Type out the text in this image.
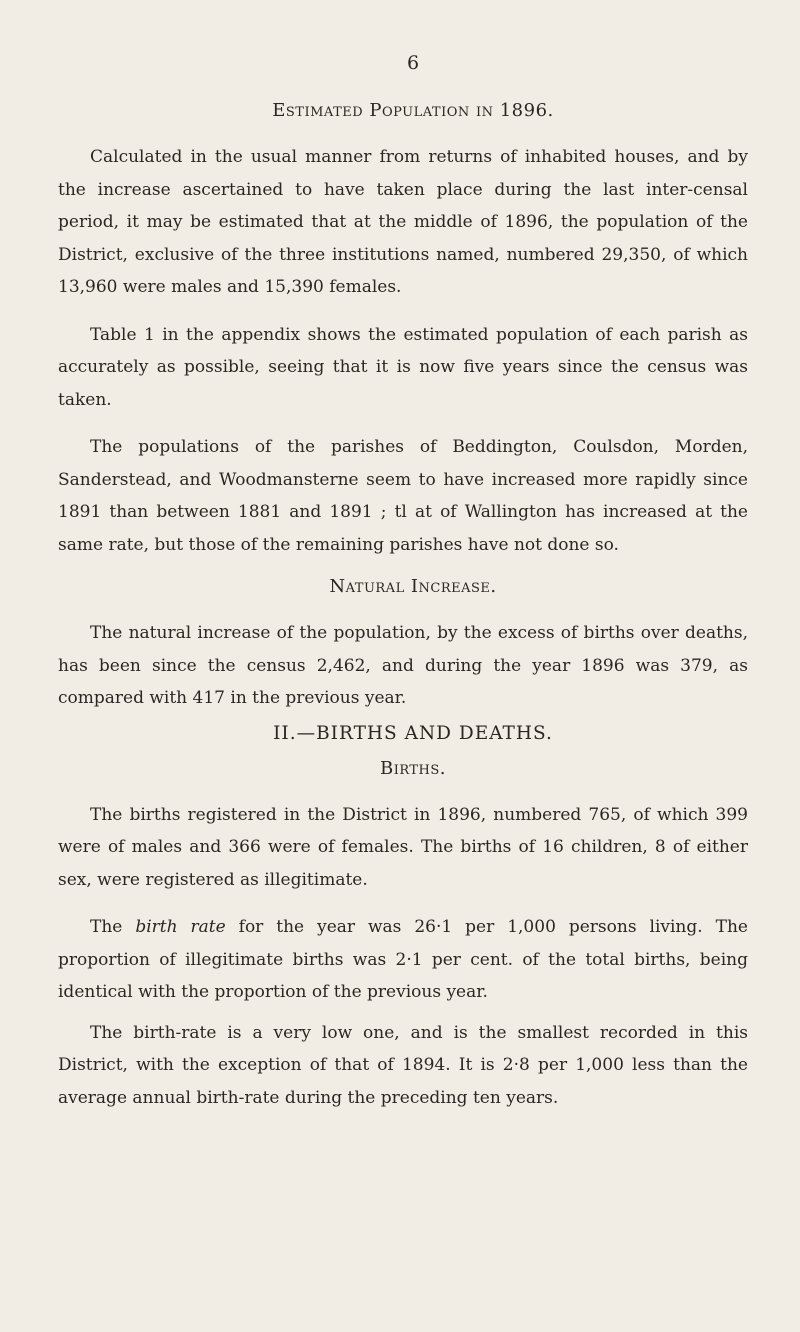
6
Estimated Population in 1896.

Calculated in the usual manner from returns of inhabited houses, and by the increase ascertained to have taken place during the last inter-censal period, it may be estimated that at the middle of 1896, the population of the District, exclusive of the three institutions named, numbered 29,350, of which 13,960 were males and 15,390 females.

Table 1 in the appendix shows the estimated population of each parish as accurately as possible, seeing that it is now five years since the census was taken.

The populations of the parishes of Beddington, Coulsdon, Morden, Sanderstead, and Woodmansterne seem to have increased more rapidly since 1891 than between 1881 and 1891 ; tl at of Wallington has increased at the same rate, but those of the remaining parishes have not done so.

Natural Increase.

The natural increase of the population, by the excess of births over deaths, has been since the census 2,462, and during the year 1896 was 379, as compared with 417 in the previous year.

II.—BIRTHS AND DEATHS.
Births.

The births registered in the District in 1896, numbered 765, of which 399 were of males and 366 were of females. The births of 16 children, 8 of either sex, were registered as illegitimate.

The birth rate for the year was 26·1 per 1,000 persons living. The proportion of illegitimate births was 2·1 per cent. of the total births, being identical with the proportion of the previous year.

The birth-rate is a very low one, and is the smallest recorded in this District, with the exception of that of 1894. It is 2·8 per 1,000 less than the average annual birth-rate during the preceding ten years.
